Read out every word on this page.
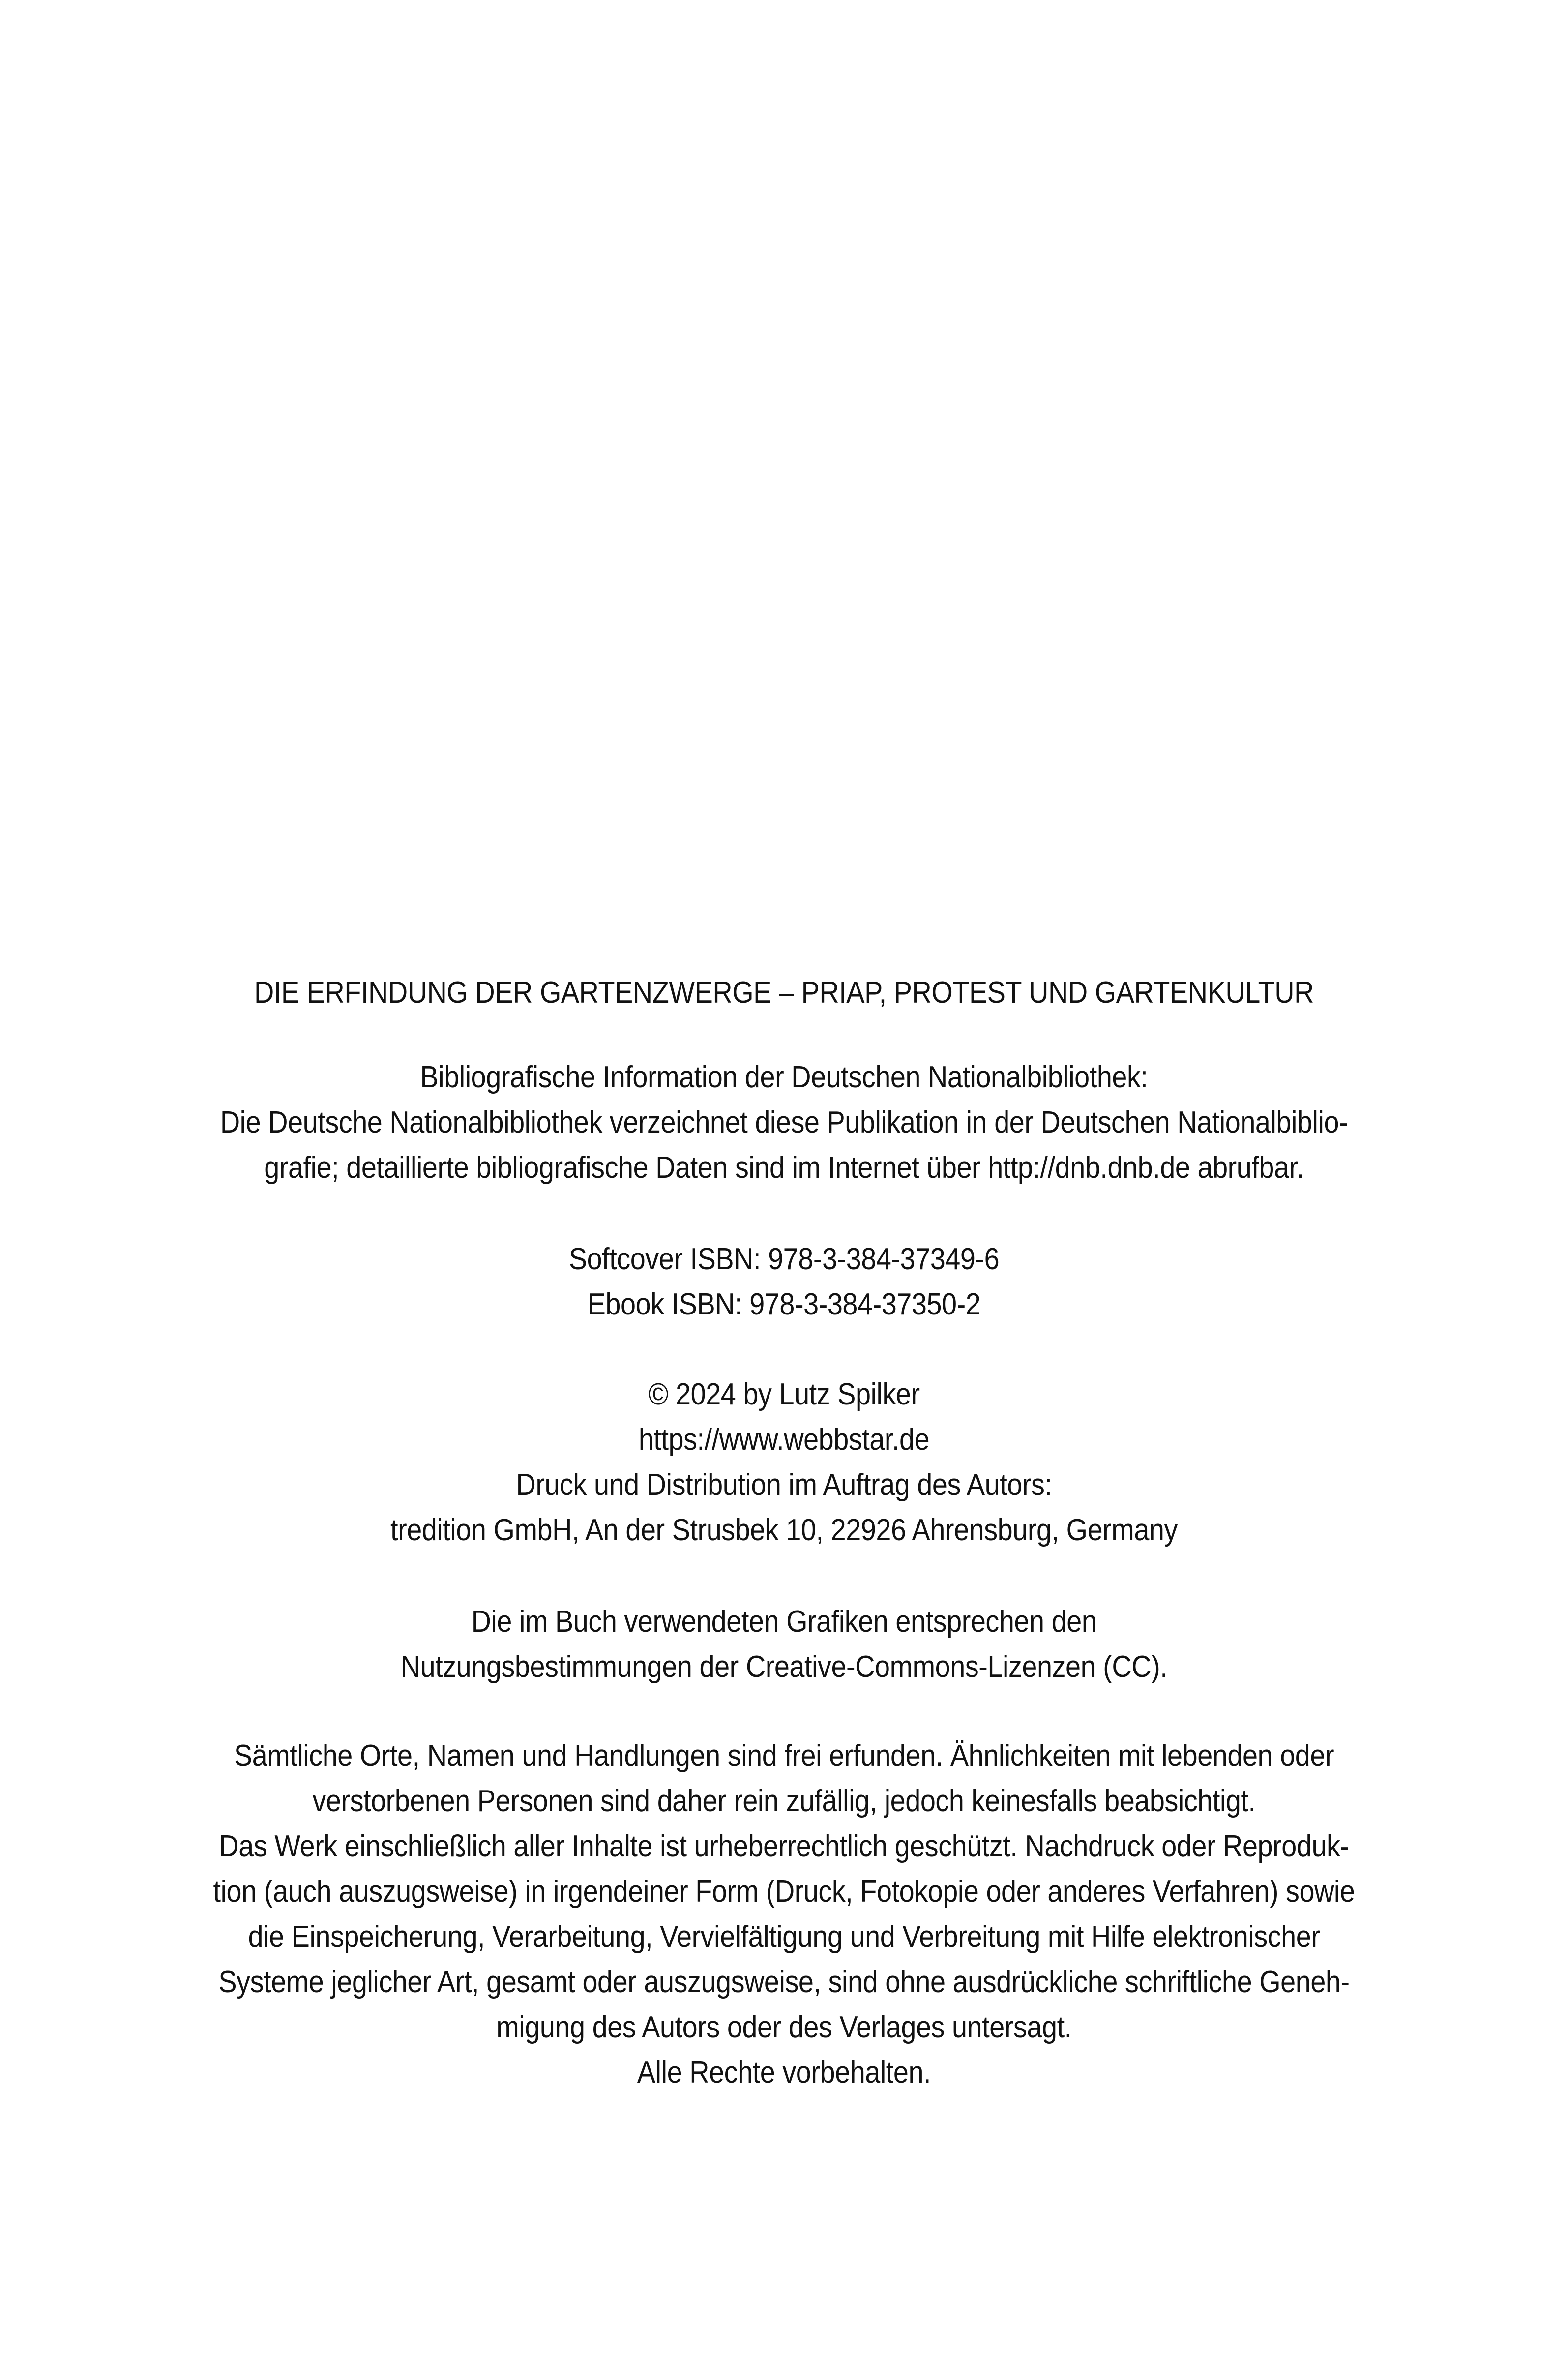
DIE ERFINDUNG DER GARTENZWERGE – PRIAP, PROTEST UND GARTENKULTUR
Bibliografische Information der Deutschen Nationalbibliothek:
Die Deutsche Nationalbibliothek verzeichnet diese Publikation in der Deutschen Nationalbiblio-
grafie; detaillierte bibliografische Daten sind im Internet über http://dnb.dnb.de abrufbar.
Softcover ISBN: 978-3-384-37349-6
Ebook ISBN: 978-3-384-37350-2
© 2024 by Lutz Spilker
https://www.webbstar.de
Druck und Distribution im Auftrag des Autors:
tredition GmbH, An der Strusbek 10, 22926 Ahrensburg, Germany
Die im Buch verwendeten Grafiken entsprechen den
Nutzungsbestimmungen der Creative-Commons-Lizenzen (CC).
Sämtliche Orte, Namen und Handlungen sind frei erfunden. Ähnlichkeiten mit lebenden oder
verstorbenen Personen sind daher rein zufällig, jedoch keinesfalls beabsichtigt.
Das Werk einschließlich aller Inhalte ist urheberrechtlich geschützt. Nachdruck oder Reproduk-
tion (auch auszugsweise) in irgendeiner Form (Druck, Fotokopie oder anderes Verfahren) sowie
die Einspeicherung, Verarbeitung, Vervielfältigung und Verbreitung mit Hilfe elektronischer
Systeme jeglicher Art, gesamt oder auszugsweise, sind ohne ausdrückliche schriftliche Geneh-
migung des Autors oder des Verlages untersagt.
Alle Rechte vorbehalten.
